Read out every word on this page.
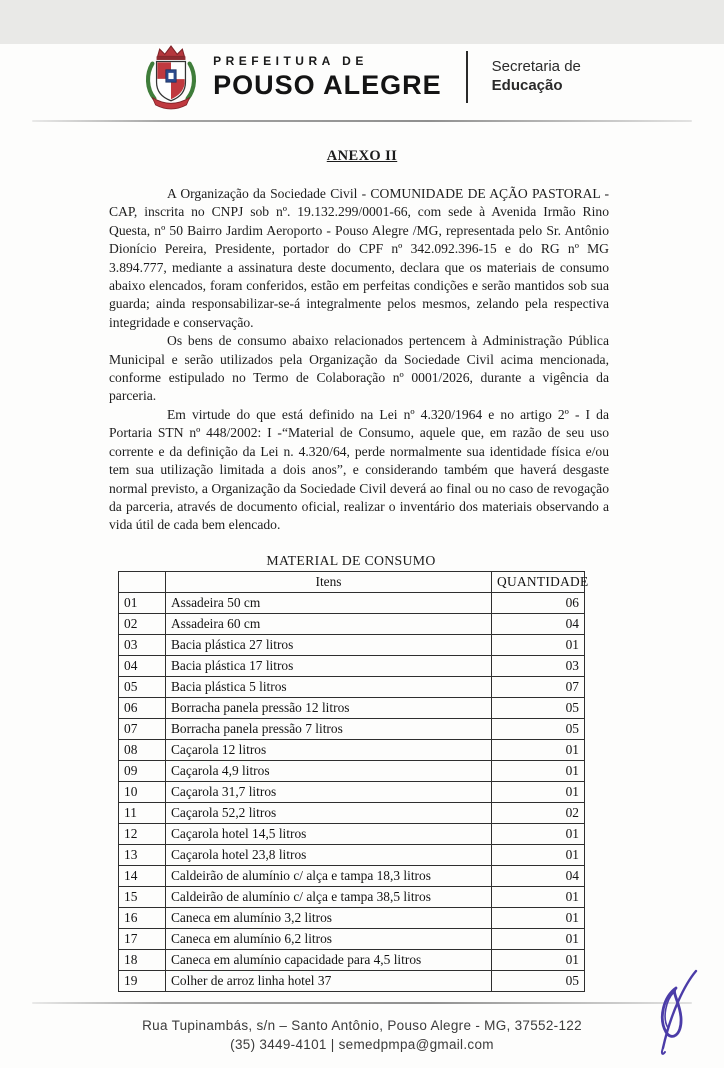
PREFEITURA DE
POUSO ALEGRE
Secretaria de
Educação
ANEXO II

A Organização da Sociedade Civil - COMUNIDADE DE AÇÃO PASTORAL - CAP, inscrita no CNPJ sob nº. 19.132.299/0001-66, com sede à Avenida Irmão Rino Questa, nº 50 Bairro Jardim Aeroporto - Pouso Alegre /MG, representada pelo Sr. Antônio Dionício Pereira, Presidente, portador do CPF nº 342.092.396-15 e do RG nº MG 3.894.777, mediante a assinatura deste documento, declara que os materiais de consumo abaixo elencados, foram conferidos, estão em perfeitas condições e serão mantidos sob sua guarda; ainda responsabilizar-se-á integralmente pelos mesmos, zelando pela respectiva integridade e conservação.

Os bens de consumo abaixo relacionados pertencem à Administração Pública Municipal e serão utilizados pela Organização da Sociedade Civil acima mencionada, conforme estipulado no Termo de Colaboração nº 0001/2026, durante a vigência da parceria.

Em virtude do que está definido na Lei nº 4.320/1964 e no artigo 2º - I da Portaria STN nº 448/2002: I -“Material de Consumo, aquele que, em razão de seu uso corrente e da definição da Lei n. 4.320/64, perde normalmente sua identidade física e/ou tem sua utilização limitada a dois anos”, e considerando também que haverá desgaste normal previsto, a Organização da Sociedade Civil deverá ao final ou no caso de revogação da parceria, através de documento oficial, realizar o inventário dos materiais observando a vida útil de cada bem elencado.

MATERIAL DE CONSUMO
	Itens	QUANTIDADE
01	Assadeira 50 cm	06
02	Assadeira 60 cm	04
03	Bacia plástica 27 litros	01
04	Bacia plástica 17 litros	03
05	Bacia plástica 5 litros	07
06	Borracha panela pressão 12 litros	05
07	Borracha panela pressão 7 litros	05
08	Caçarola 12 litros	01
09	Caçarola 4,9 litros	01
10	Caçarola 31,7 litros	01
11	Caçarola 52,2 litros	02
12	Caçarola hotel 14,5 litros	01
13	Caçarola hotel 23,8 litros	01
14	Caldeirão de alumínio c/ alça e tampa 18,3 litros	04
15	Caldeirão de alumínio c/ alça e tampa 38,5 litros	01
16	Caneca em alumínio 3,2 litros	01
17	Caneca em alumínio 6,2 litros	01
18	Caneca em alumínio capacidade para 4,5 litros	01
19	Colher de arroz linha hotel 37	05
Rua Tupinambás, s/n – Santo Antônio, Pouso Alegre - MG, 37552-122
(35) 3449-4101 | semedpmpa@gmail.com
